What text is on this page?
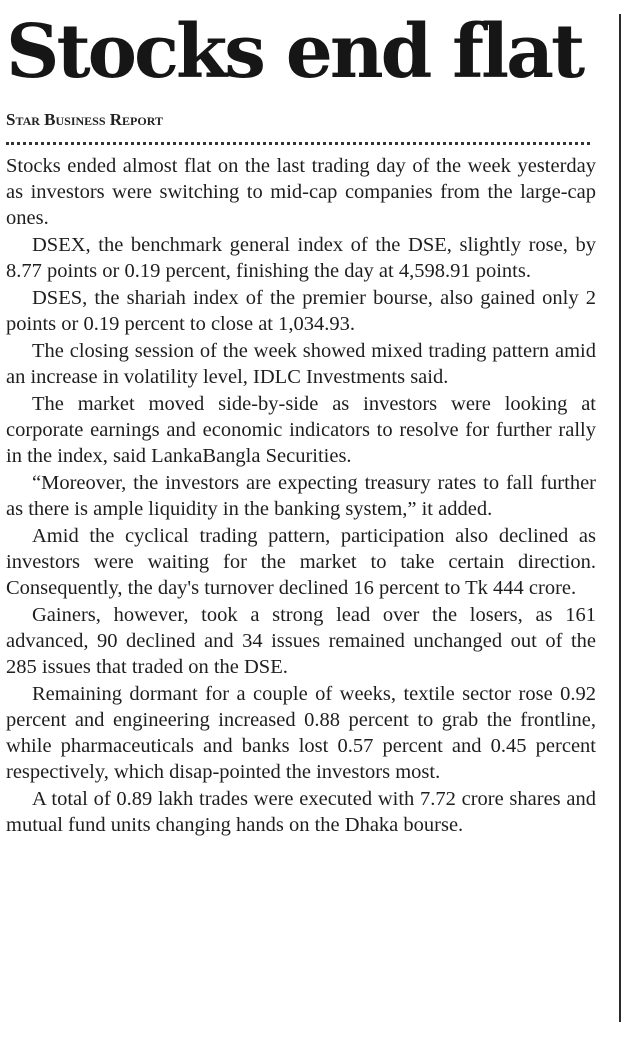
Stocks end flat
Star Business Report

Stocks ended almost flat on the last trading day of the week yesterday as investors were switching to mid-cap companies from the large-cap ones.

DSEX, the benchmark general index of the DSE, slightly rose, by 8.77 points or 0.19 percent, finishing the day at 4,598.91 points.

DSES, the shariah index of the premier bourse, also gained only 2 points or 0.19 percent to close at 1,034.93.

The closing session of the week showed mixed trading pattern amid an increase in volatility level, IDLC Investments said.

The market moved side-by-side as investors were looking at corporate earnings and economic indicators to resolve for further rally in the index, said LankaBangla Securities.

“Moreover, the investors are expecting treasury rates to fall further as there is ample liquidity in the banking system,” it added.

Amid the cyclical trading pattern, participation also declined as investors were waiting for the market to take certain direction. Consequently, the day's turnover declined 16 percent to Tk 444 crore.

Gainers, however, took a strong lead over the losers, as 161 advanced, 90 declined and 34 issues remained unchanged out of the 285 issues that traded on the DSE.

Remaining dormant for a couple of weeks, textile sector rose 0.92 percent and engineering increased 0.88 percent to grab the frontline, while pharmaceuticals and banks lost 0.57 percent and 0.45 percent respectively, which disap-pointed the investors most.

A total of 0.89 lakh trades were executed with 7.72 crore shares and mutual fund units changing hands on the Dhaka bourse.
